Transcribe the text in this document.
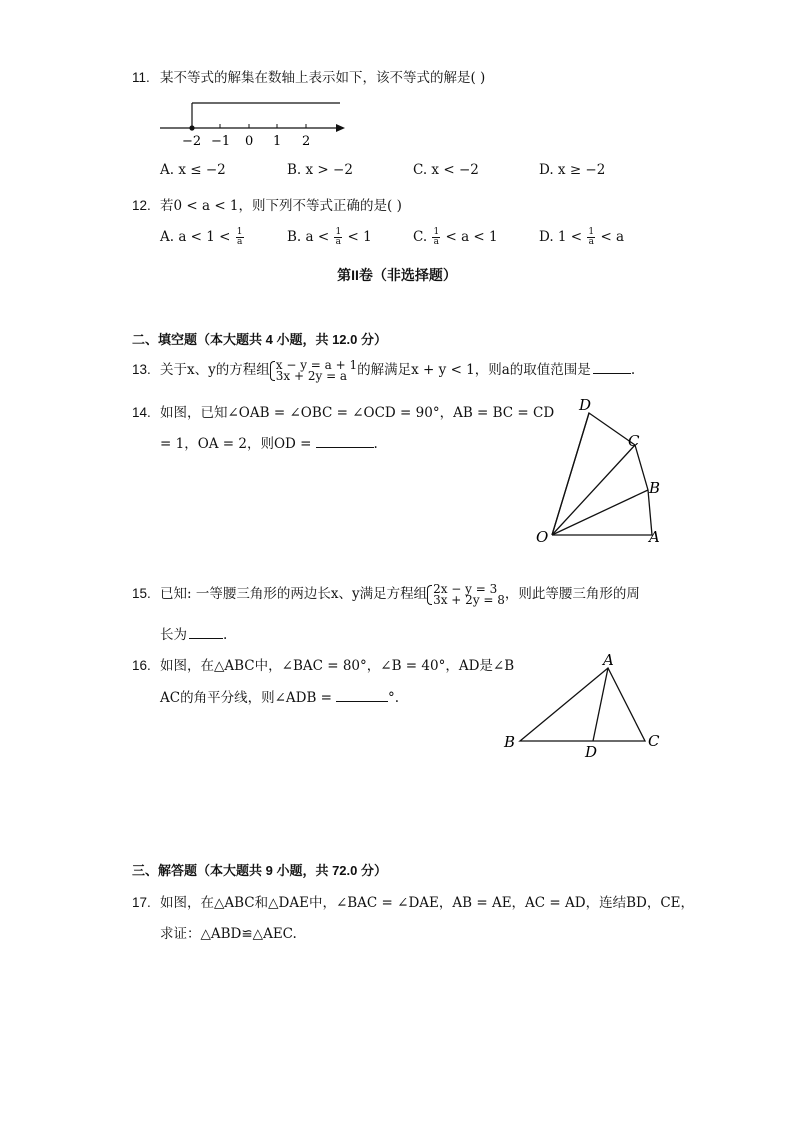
11. 某不等式的解集在数轴上表示如下，该不等式的解是( )
−2 −1 0 1 2
A. x ≤ −2	B. x > −2	C. x < −2	D. x ≥ −2
12. 若0 < a < 1，则下列不等式正确的是( )
A. $a < 1 < \frac{1}{a}$	B. $a < \frac{1}{a} < 1$	C. $\frac{1}{a} < a < 1$	D. $1 < \frac{1}{a} < a$
第II卷（非选择题）
二、填空题（本大题共 4 小题，共 12.0 分）
13. 关于x、y的方程组 x − y = a + 1
3x + 2y = a 的解满足x + y < 1，则a的取值范围是	.
14. 如图，已知∠OAB = ∠OBC = ∠OCD = 90°，AB = BC = CD
= 1，OA = 2，则OD =	.
D
C
B
O	A
15. 已知: 一等腰三角形的两边长x、y满足方程组 2x − y = 3
3x + 2y = 8 ，则此等腰三角形的周
长为	.
16. 如图，在△ABC中，∠BAC = 80°，∠B = 40°，AD是∠B
AC的角平分线，则∠ADB =	°.
A
B	C
D
三、解答题（本大题共 9 小题，共 72.0 分）
17. 如图，在△ABC和△DAE中，∠BAC = ∠DAE，AB = AE，AC = AD，连结BD，CE，
求证：△ABD≌△AEC.
